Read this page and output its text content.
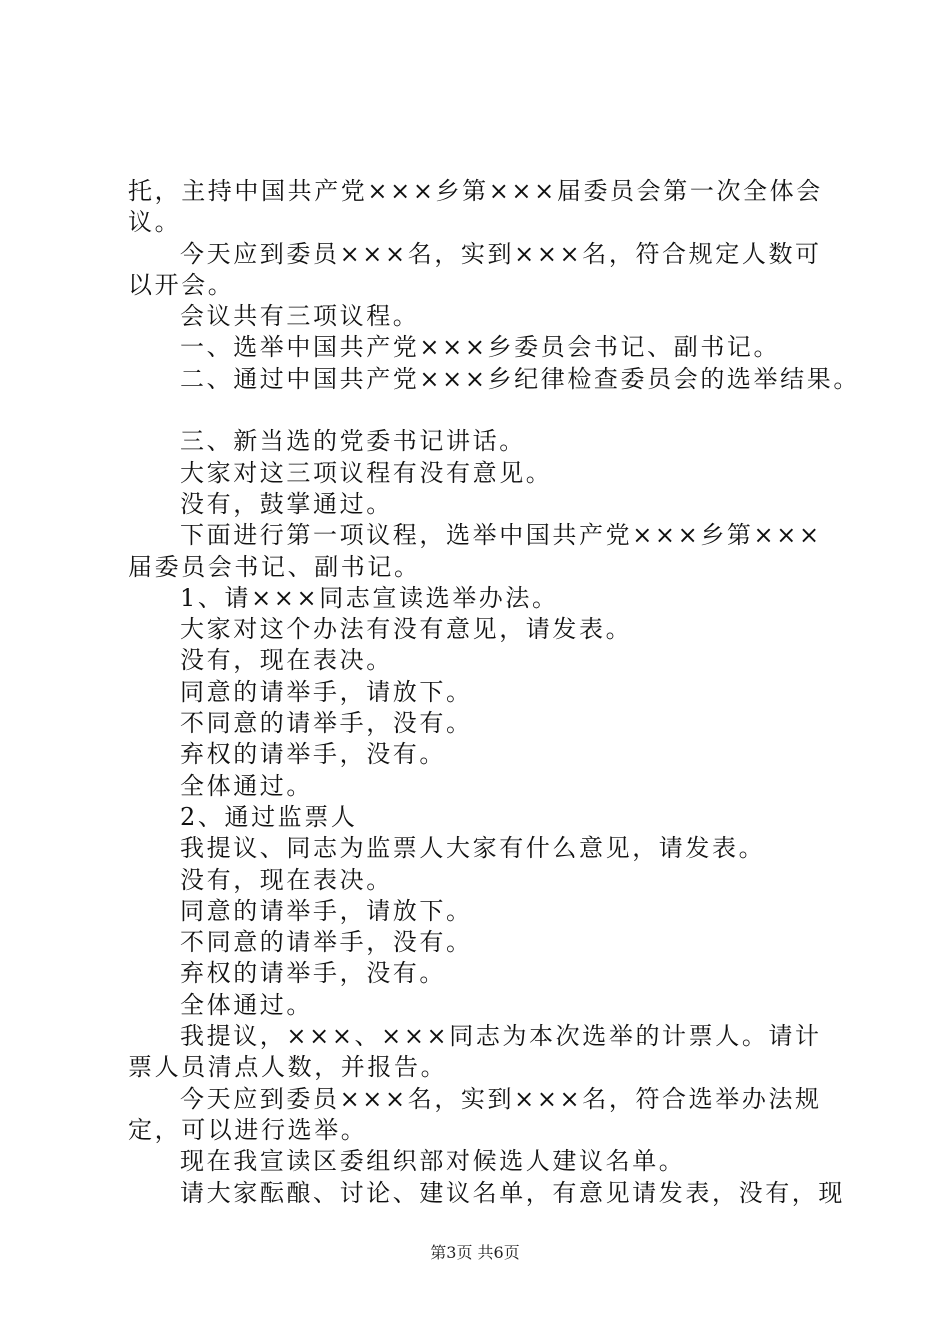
托，主持中国共产党×××乡第×××届委员会第一次全体会
议。
今天应到委员×××名，实到×××名，符合规定人数可
以开会。
会议共有三项议程。
一、选举中国共产党×××乡委员会书记、副书记。
二、通过中国共产党×××乡纪律检查委员会的选举结果。
三、新当选的党委书记讲话。
大家对这三项议程有没有意见。
没有，鼓掌通过。
下面进行第一项议程，选举中国共产党×××乡第×××
届委员会书记、副书记。
1、请×××同志宣读选举办法。
大家对这个办法有没有意见，请发表。
没有，现在表决。
同意的请举手，请放下。
不同意的请举手，没有。
弃权的请举手，没有。
全体通过。
2、通过监票人
我提议、同志为监票人大家有什么意见，请发表。
没有，现在表决。
同意的请举手，请放下。
不同意的请举手，没有。
弃权的请举手，没有。
全体通过。
我提议，×××、×××同志为本次选举的计票人。请计
票人员清点人数，并报告。
今天应到委员×××名，实到×××名，符合选举办法规
定，可以进行选举。
现在我宣读区委组织部对候选人建议名单。
请大家酝酿、讨论、建议名单，有意见请发表，没有，现
第3页 共6页
